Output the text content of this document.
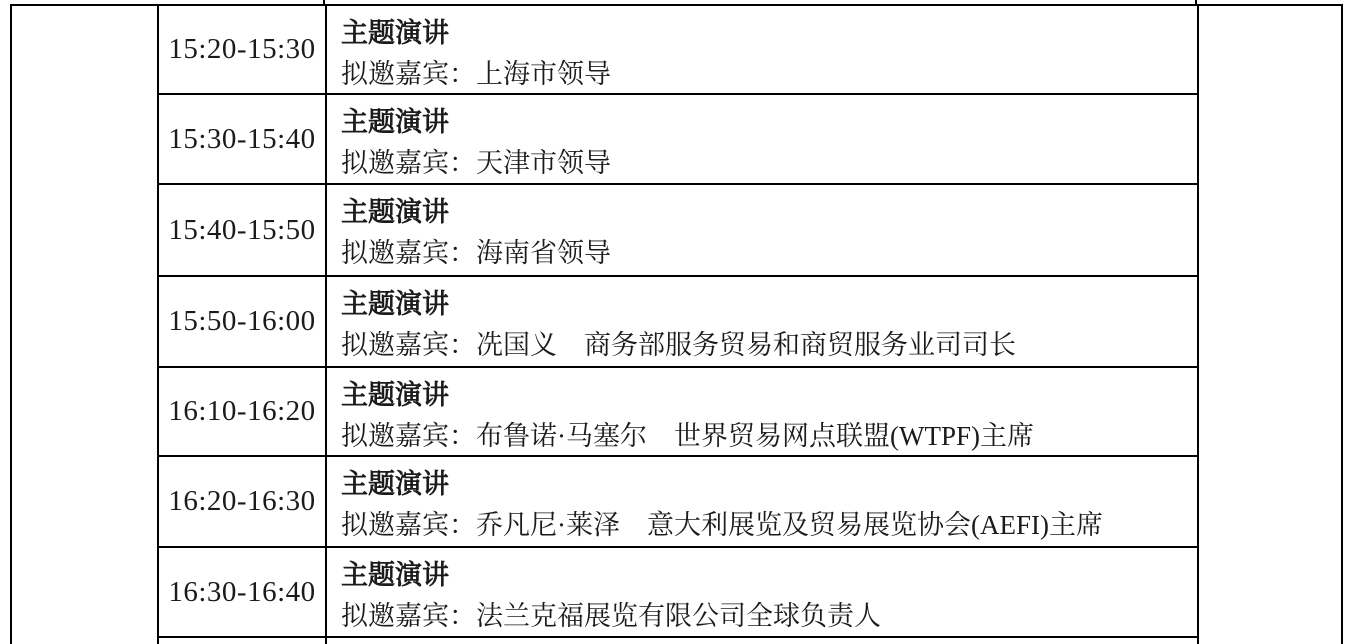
15:20-15:30 主题演讲
拟邀嘉宾：上海市领导
15:30-15:40
主题演讲
拟邀嘉宾：天津市领导
15:40-15:50
主题演讲
拟邀嘉宾：海南省领导
15:50-16:00
主题演讲
拟邀嘉宾：冼国义　商务部服务贸易和商贸服务业司司长
16:10-16:20 主题演讲
拟邀嘉宾：布鲁诺·马塞尔　世界贸易网点联盟(WTPF)主席
16:20-16:30
主题演讲
拟邀嘉宾：乔凡尼·莱泽　意大利展览及贸易展览协会(AEFI)主席
16:30-16:40
主题演讲
拟邀嘉宾：法兰克福展览有限公司全球负责人
